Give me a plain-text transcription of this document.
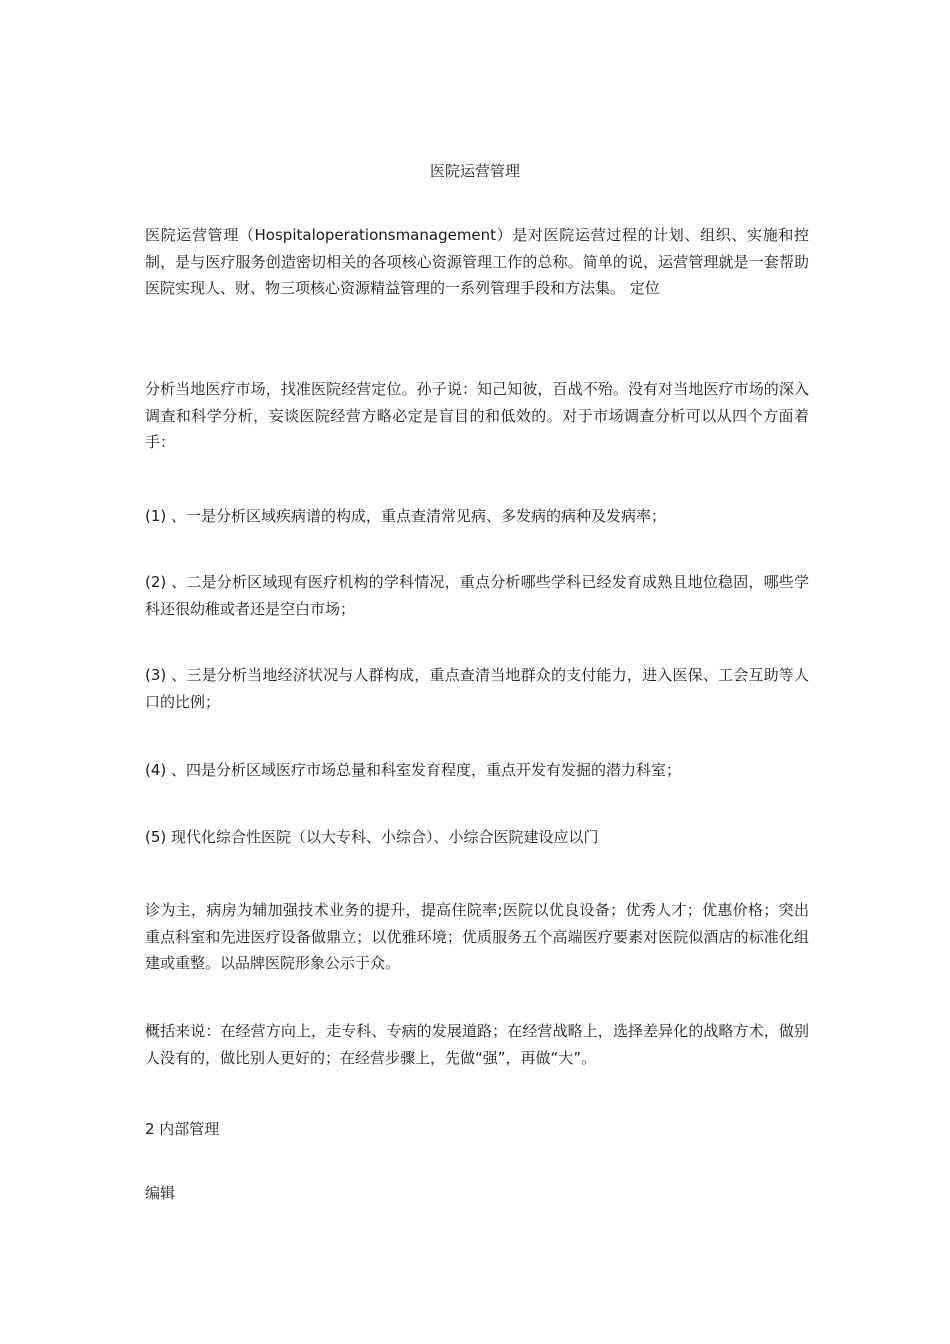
医院运营管理

医院运营管理（Hospitaloperationsmanagement）是对医院运营过程的计划、组织、实施和控制，是与医疗服务创造密切相关的各项核心资源管理工作的总称。简单的说，运营管理就是一套帮助医院实现人、财、物三项核心资源精益管理的一系列管理手段和方法集。 定位

分析当地医疗市场，找准医院经营定位。孙子说：知己知彼，百战不殆。没有对当地医疗市场的深入调查和科学分析，妄谈医院经营方略必定是盲目的和低效的。对于市场调查分析可以从四个方面着手：

(1) 、一是分析区域疾病谱的构成，重点查清常见病、多发病的病种及发病率；

(2) 、二是分析区域现有医疗机构的学科情况，重点分析哪些学科已经发育成熟且地位稳固，哪些学科还很幼稚或者还是空白市场；

(3) 、三是分析当地经济状况与人群构成，重点查清当地群众的支付能力，进入医保、工会互助等人口的比例；

(4) 、四是分析区域医疗市场总量和科室发育程度，重点开发有发掘的潜力科室；

(5) 现代化综合性医院（以大专科、小综合）、小综合医院建设应以门

诊为主，病房为辅加强技术业务的提升，提高住院率;医院以优良设备；优秀人才；优惠价格；突出重点科室和先进医疗设备做鼎立；以优雅环境；优质服务五个高端医疗要素对医院似酒店的标准化组建或重整。以品牌医院形象公示于众。

概括来说：在经营方向上，走专科、专病的发展道路；在经营战略上，选择差异化的战略方术，做别人没有的，做比别人更好的；在经营步骤上，先做“强”，再做“大”。

2 内部管理

编辑
